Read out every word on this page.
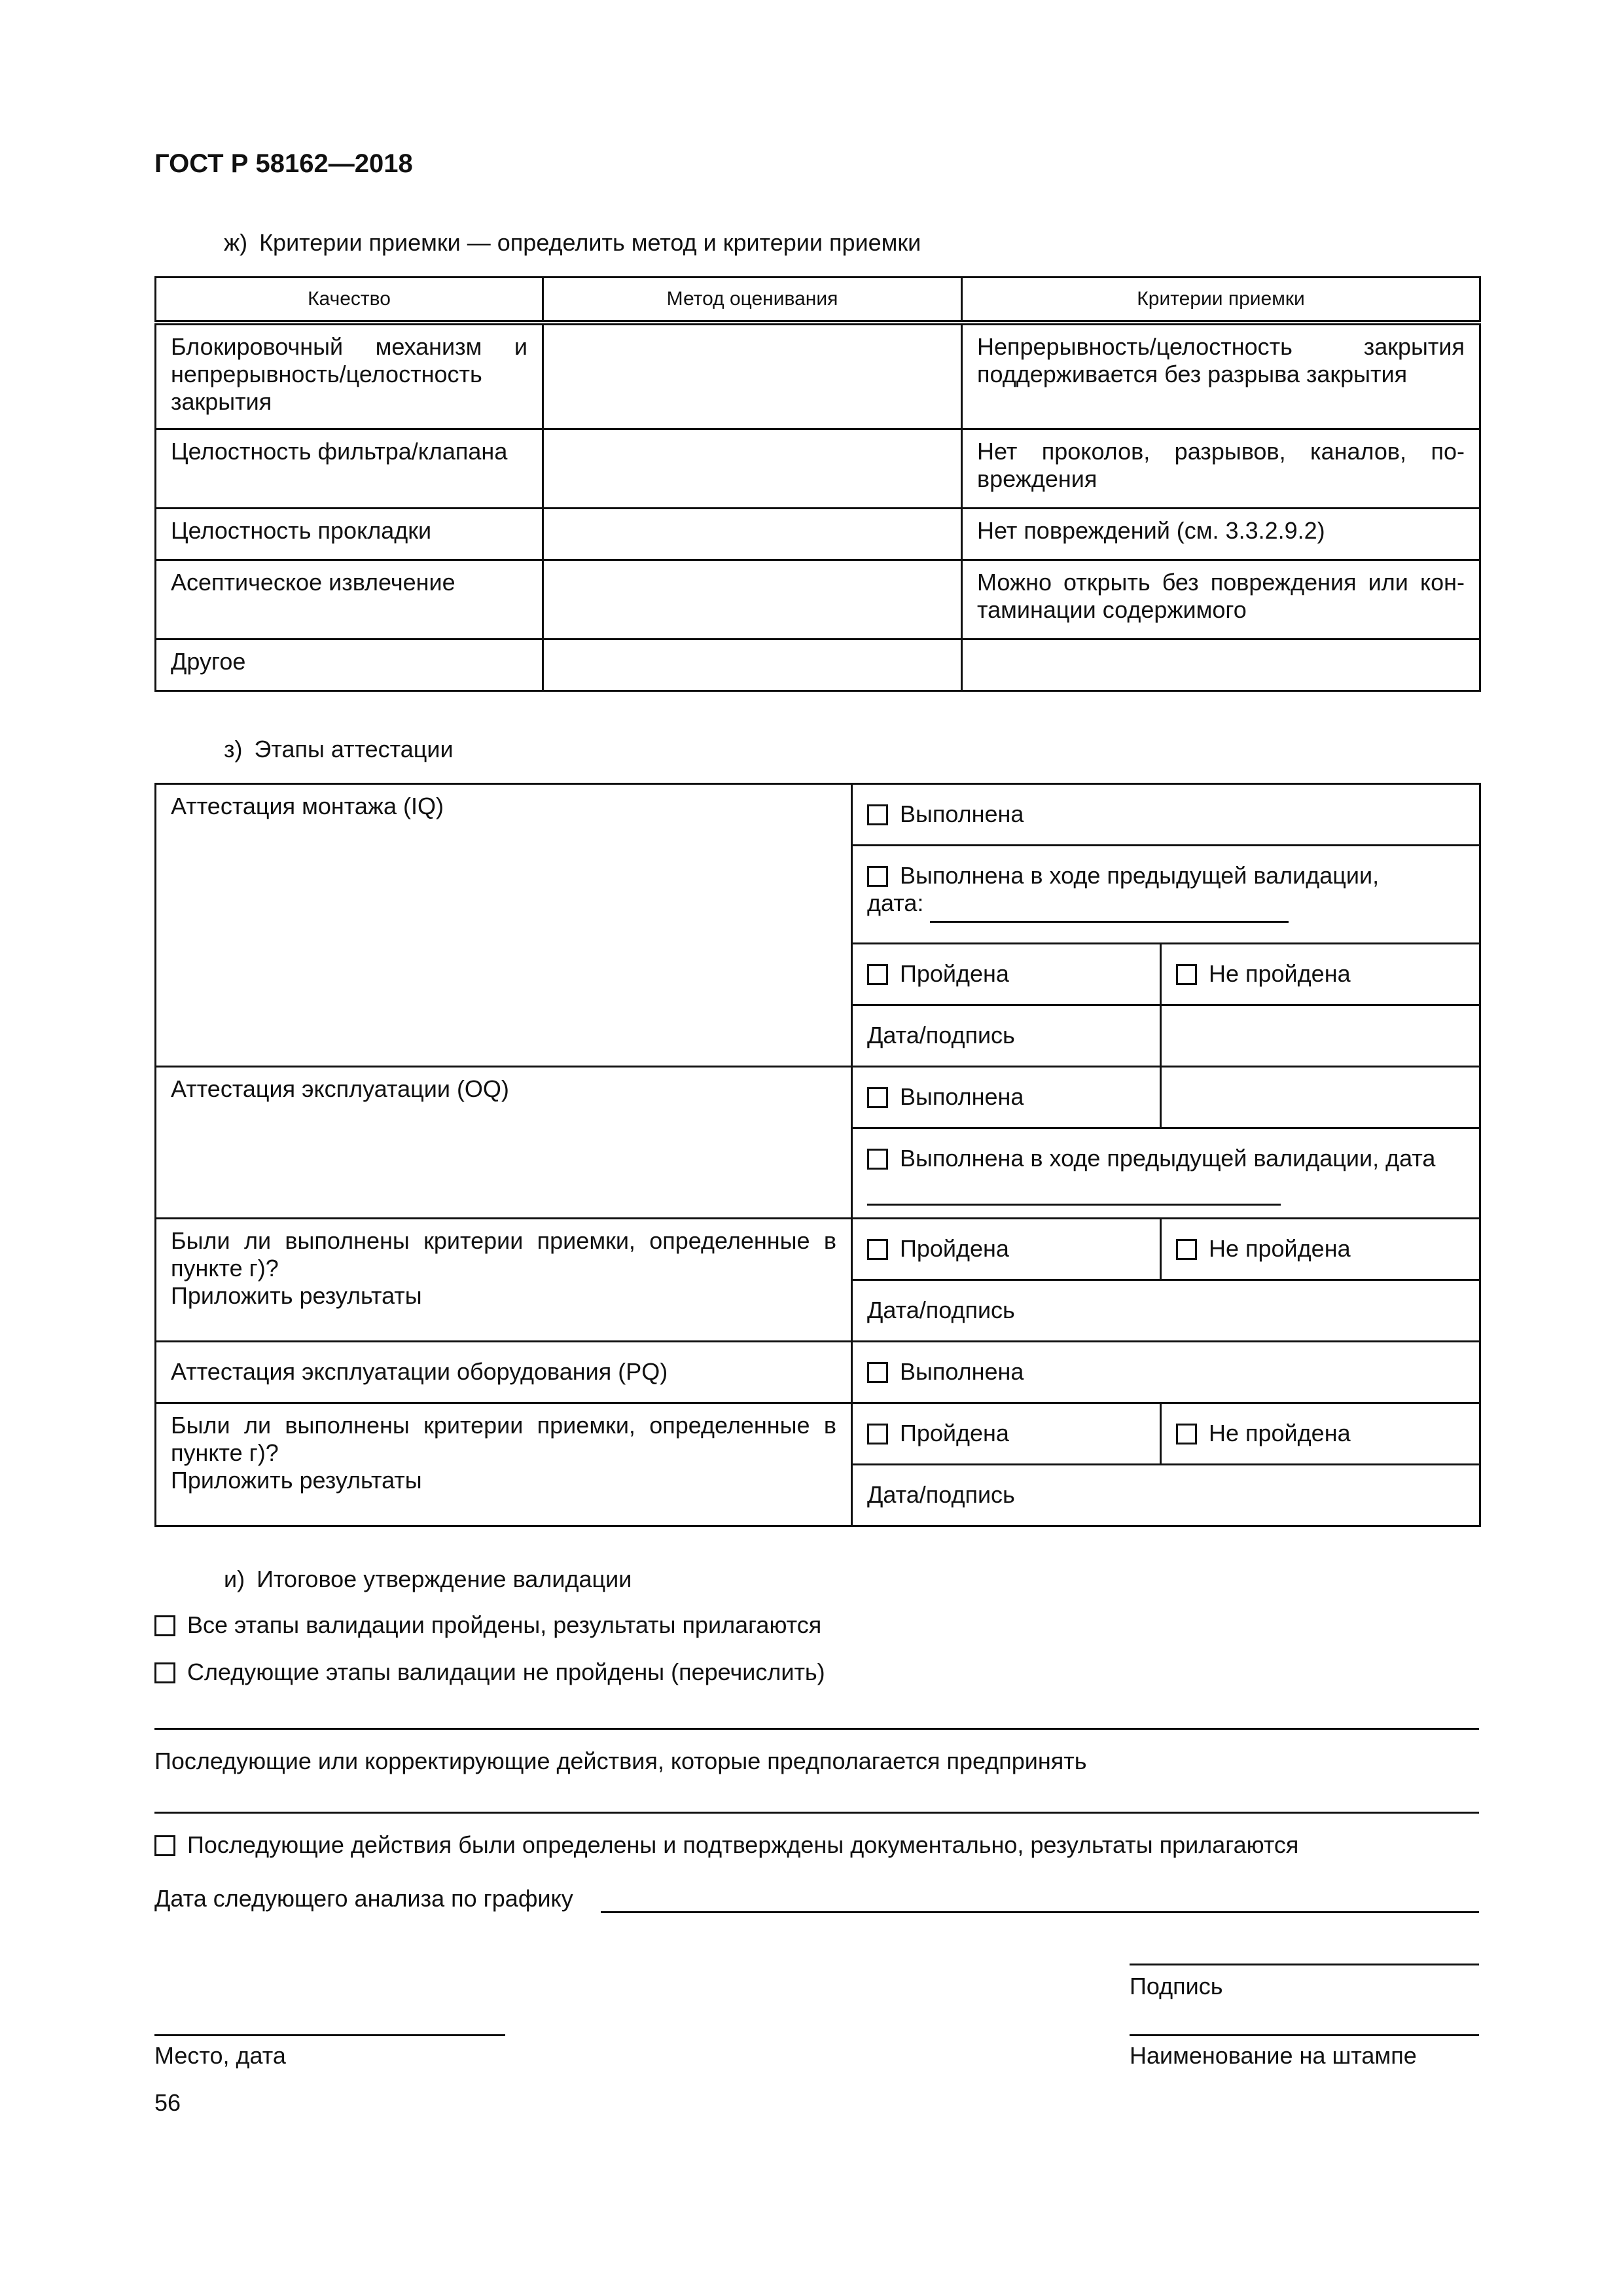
ГОСТ Р 58162—2018
ж) Критерии приемки — определить метод и критерии приемки
Качество	Метод оценивания	Критерии приемки
Блокировочный механизм и непрерывность/целостность закрытия		Непрерывность/целостность закрытия поддерживается без разрыва закрытия
Целостность фильтра/клапана		Нет проколов, разрывов, каналов, по-вреждения
Целостность прокладки		Нет повреждений (см. 3.3.2.9.2)
Асептическое извлечение		Можно открыть без повреждения или кон-таминации содержимого
Другое		
з) Этапы аттестации
Аттестация монтажа (IQ)	Выполнена	
	Выполнена в ходе предыдущей валидации,
дата:	
	Пройдена	Не пройдена
	Дата/подпись	
Аттестация эксплуатации (OQ)	Выполнена	
	Выполнена в ходе предыдущей валидации, дата	

Были ли выполнены критерии приемки, определенные в пункте г)?
Приложить результаты	Пройдена	Не пройдена
	Дата/подпись	
Аттестация эксплуатации оборудования (PQ)	Выполнена	

Были ли выполнены критерии приемки, определенные в пункте г)?
Приложить результаты	Пройдена	Не пройдена
	Дата/подпись	
и) Итоговое утверждение валидации
Все этапы валидации пройдены, результаты прилагаются
Следующие этапы валидации не пройдены (перечислить)
Последующие или корректирующие действия, которые предполагается предпринять
Последующие действия были определены и подтверждены документально, результаты прилагаются
Дата следующего анализа по графику
Подпись
Место, дата	Наименование на штампе
56
